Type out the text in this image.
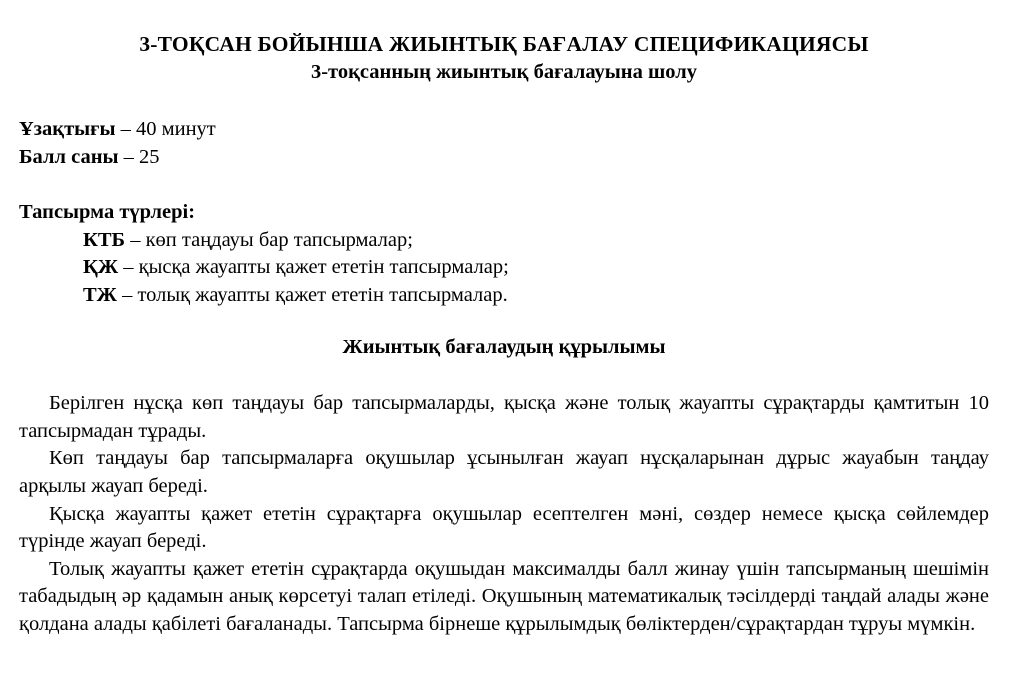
3-ТОҚСАН БОЙЫНША ЖИЫНТЫҚ БАҒАЛАУ СПЕЦИФИКАЦИЯСЫ
3-тоқсанның жиынтық бағалауына шолу
Ұзақтығы – 40 минут
Балл саны – 25
Тапсырма түрлері:
КТБ – көп таңдауы бар тапсырмалар;
ҚЖ – қысқа жауапты қажет ететін тапсырмалар;
ТЖ – толық жауапты қажет ететін тапсырмалар.
Жиынтық бағалаудың құрылымы

Берілген нұсқа көп таңдауы бар тапсырмаларды, қысқа және толық жауапты сұрақтарды қамтитын 10 тапсырмадан тұрады.

Көп таңдауы бар тапсырмаларға оқушылар ұсынылған жауап нұсқаларынан дұрыс жауабын таңдау арқылы жауап береді.

Қысқа жауапты қажет ететін сұрақтарға оқушылар есептелген мәні, сөздер немесе қысқа сөйлемдер түрінде жауап береді.

Толық жауапты қажет ететін сұрақтарда оқушыдан максималды балл жинау үшін тапсырманың шешімін табадыдың әр қадамын анық көрсетуі талап етіледі. Оқушының математикалық тәсілдерді таңдай алады және қолдана алады қабілеті бағаланады. Тапсырма бірнеше құрылымдық бөліктерден/сұрақтардан тұруы мүмкін.
